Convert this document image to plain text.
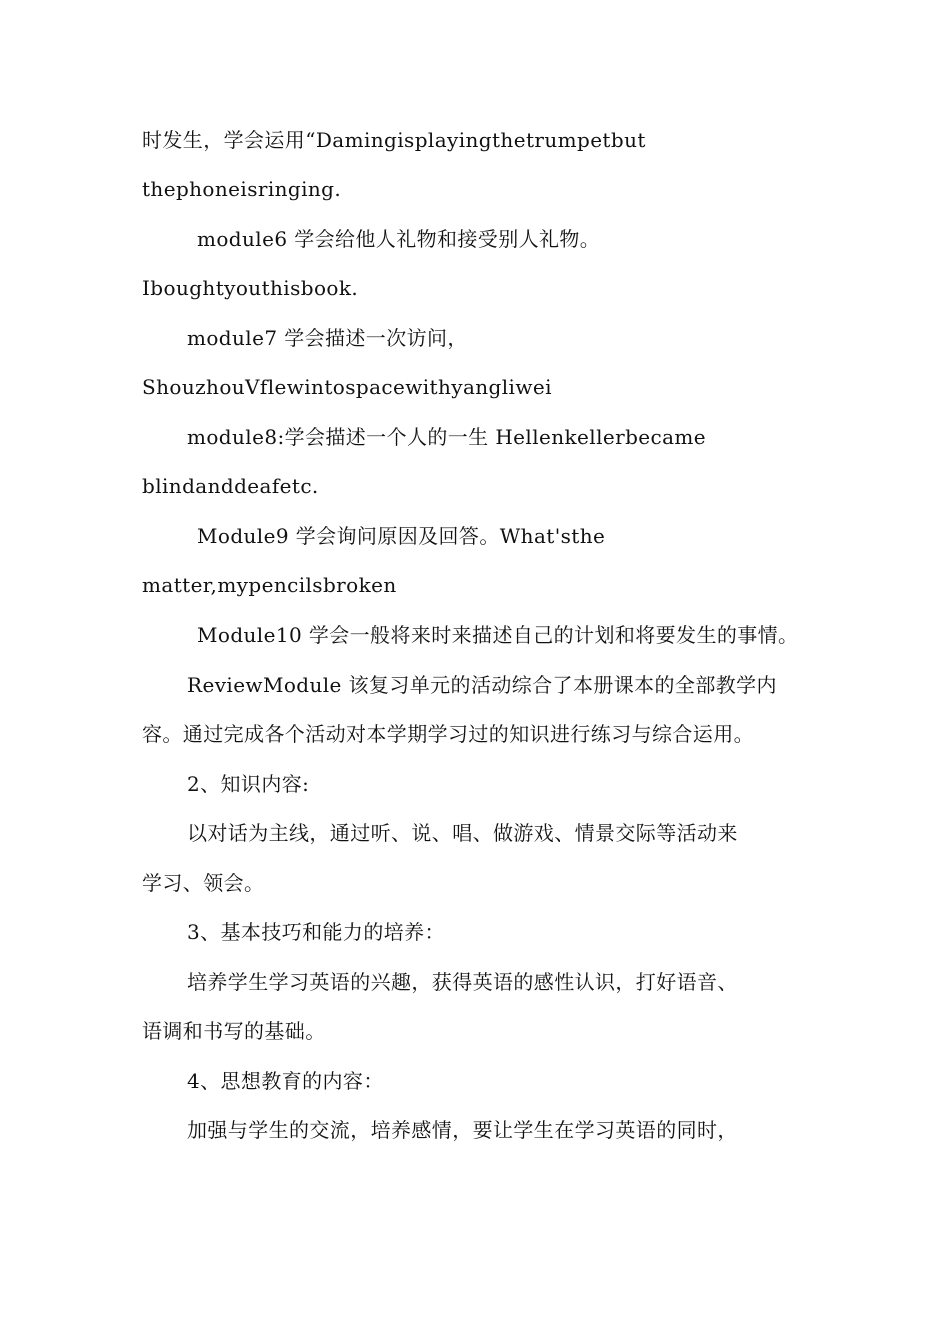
时发生，学会运用“Damingisplayingthetrumpetbut
thephoneisringing.
module6 学会给他人礼物和接受别人礼物。
Iboughtyouthisbook.
module7 学会描述一次访问，
ShouzhouVflewintospacewithyangliwei
module8:学会描述一个人的一生 Hellenkellerbecame
blindanddeafetc.
Module9 学会询问原因及回答。What'sthe
matter,mypencilsbroken
Module10 学会一般将来时来描述自己的计划和将要发生的事情。
ReviewModule 该复习单元的活动综合了本册课本的全部教学内
容。通过完成各个活动对本学期学习过的知识进行练习与综合运用。
2、知识内容:
以对话为主线，通过听、说、唱、做游戏、情景交际等活动来
学习、领会。
3、基本技巧和能力的培养：
培养学生学习英语的兴趣，获得英语的感性认识，打好语音、
语调和书写的基础。
4、思想教育的内容：
加强与学生的交流，培养感情，要让学生在学习英语的同时，
